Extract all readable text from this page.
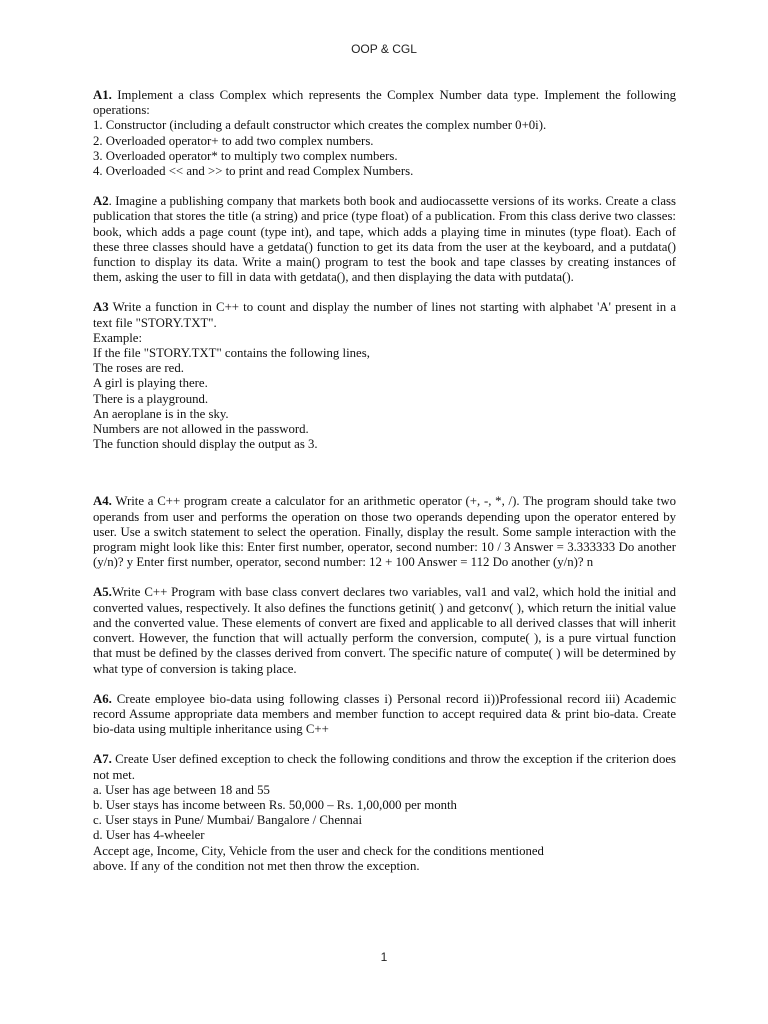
OOP & CGL

A1. Implement a class Complex which represents the Complex Number data type. Implement the following operations:

1. Constructor (including a default constructor which creates the complex number 0+0i).

2. Overloaded operator+ to add two complex numbers.

3. Overloaded operator* to multiply two complex numbers.

4. Overloaded << and >> to print and read Complex Numbers.

A2. Imagine a publishing company that markets both book and audiocassette versions of its works. Create a class publication that stores the title (a string) and price (type float) of a publication. From this class derive two classes: book, which adds a page count (type int), and tape, which adds a playing time in minutes (type float). Each of these three classes should have a getdata() function to get its data from the user at the keyboard, and a putdata() function to display its data. Write a main() program to test the book and tape classes by creating instances of them, asking the user to fill in data with getdata(), and then displaying the data with putdata().

A3 Write a function in C++ to count and display the number of lines not starting with alphabet 'A' present in a text file "STORY.TXT".

Example:

If the file "STORY.TXT" contains the following lines,

The roses are red.

A girl is playing there.

There is a playground.

An aeroplane is in the sky.

Numbers are not allowed in the password.

The function should display the output as 3.

A4. Write a C++ program create a calculator for an arithmetic operator (+, -, *, /). The program should take two operands from user and performs the operation on those two operands depending upon the operator entered by user. Use a switch statement to select the operation. Finally, display the result. Some sample interaction with the program might look like this: Enter first number, operator, second number: 10 / 3 Answer = 3.333333 Do another (y/n)? y Enter first number, operator, second number: 12 + 100 Answer = 112 Do another (y/n)? n

A5.Write C++ Program with base class convert declares two variables, val1 and val2, which hold the initial and converted values, respectively. It also defines the functions getinit( ) and getconv( ), which return the initial value and the converted value. These elements of convert are fixed and applicable to all derived classes that will inherit convert. However, the function that will actually perform the conversion, compute( ), is a pure virtual function that must be defined by the classes derived from convert. The specific nature of compute( ) will be determined by what type of conversion is taking place.

A6. Create employee bio-data using following classes i) Personal record ii))Professional record iii) Academic record Assume appropriate data members and member function to accept required data & print bio-data. Create bio-data using multiple inheritance using C++

A7. Create User defined exception to check the following conditions and throw the exception if the criterion does not met.

a. User has age between 18 and 55

b. User stays has income between Rs. 50,000 – Rs. 1,00,000 per month

c. User stays in Pune/ Mumbai/ Bangalore / Chennai

d. User has 4-wheeler

Accept age, Income, City, Vehicle from the user and check for the conditions mentioned

above. If any of the condition not met then throw the exception.

1
